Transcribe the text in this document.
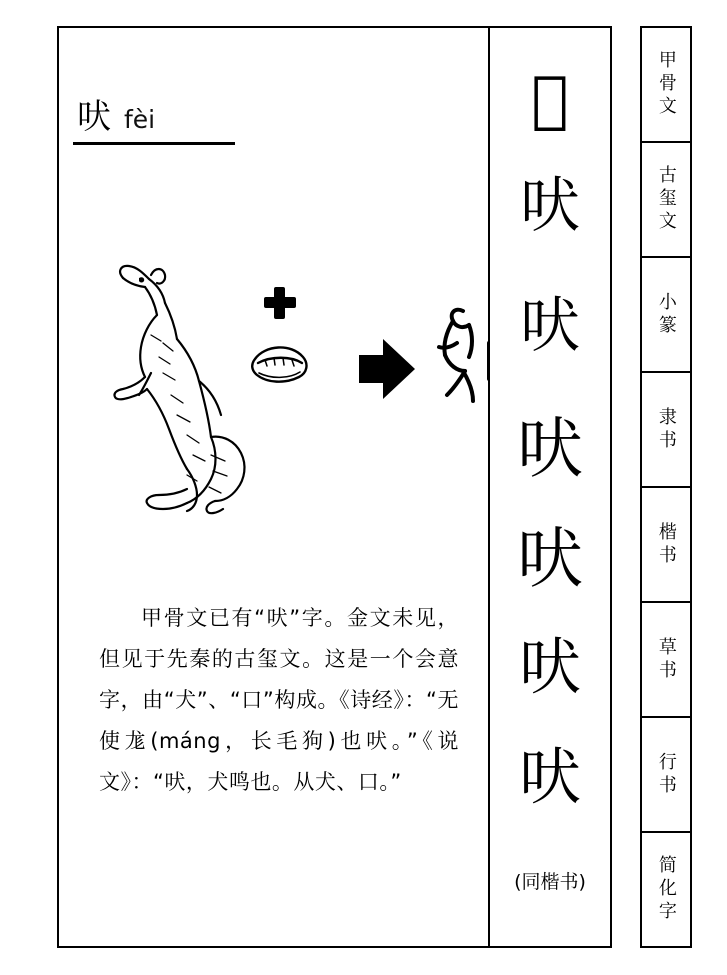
吠 fèi
甲骨文已有“吠”字。金文未见，但见于先秦的古玺文。这是一个会意字，由“犬”、“口”构成。《诗经》：“无使尨(máng，长毛狗)也吠。”《说文》：“吠，犬鸣也。从犬、口。”
𤜿
吠
吠
吠
吠
吠
吠
(同楷书)
甲骨文
古玺文
小篆
隶书
楷书
草书
行书
简化字
